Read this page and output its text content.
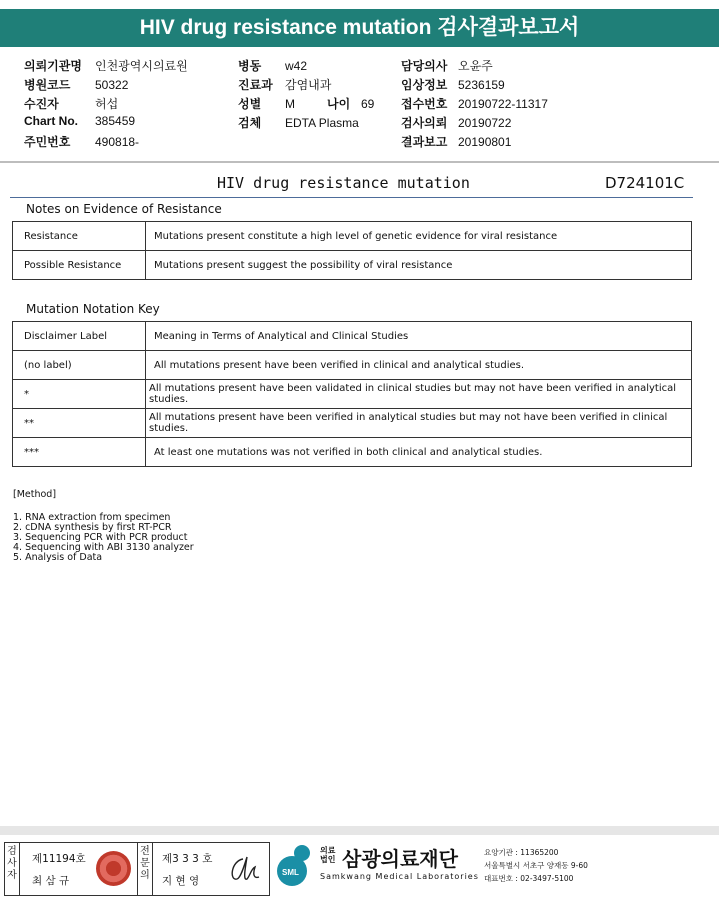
HIV drug resistance mutation 검사결과보고서
의뢰기관명 인천광역시의료원
병원코드 50322
수진자	허섭
Chart No. 385459
주민번호 490818-
병동 w42
진료과 감염내과
성별 M	나이 69
검체 EDTA Plasma
담당의사 오윤주
임상정보 5236159
접수번호 20190722-11317
검사의뢰 20190722
결과보고 20190801
HIV drug resistance mutation	D724101C
Notes on Evidence of Resistance
Resistance	Mutations present constitute a high level of genetic evidence for viral resistance
Possible Resistance	Mutations present suggest the possibility of viral resistance
Mutation Notation Key
Disclaimer Label	Meaning in Terms of Analytical and Clinical Studies
(no label)	All mutations present have been verified in clinical and analytical studies.
*	All mutations present have been validated in clinical studies but may not have been verified in analytical studies.
**	All mutations present have been verified in analytical studies but may not have been verified in clinical studies.
***	At least one mutations was not verified in both clinical and analytical studies.
[Method]
1. RNA extraction from specimen
2. cDNA synthesis by first RT-PCR
3. Sequencing PCR with PCR product
4. Sequencing with ABI 3130 analyzer
5. Analysis of Data
검사자
제11194호
최 삼 규
전문의
제3 3 3 호
지 현 영
SML
의료
법인 삼광의료재단
Samkwang Medical Laboratories
요양기관 : 11365200
서울특별시 서초구 양재동 9-60
대표번호 : 02-3497-5100
